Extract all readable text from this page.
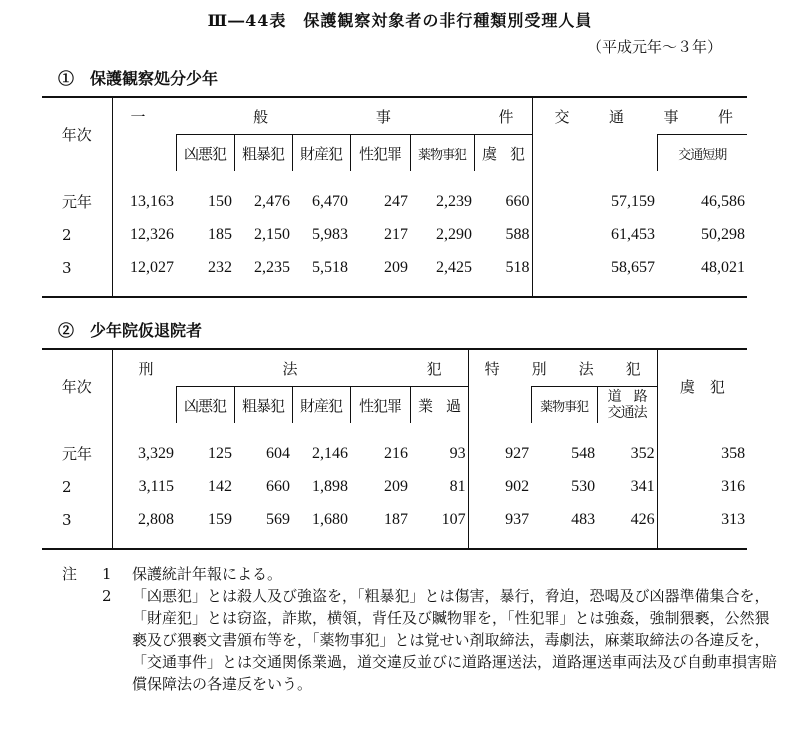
Ⅲ―44表　保護観察対象者の非行種類別受理人員
（平成元年～３年）
①　保護観察処分少年
年次	一 般 事 件							交 通 事 件	

		凶悪犯	粗暴犯	財産犯	性犯罪	薬物事犯	虞　犯		交通短期
元年	13,163	150	2,476	6,470	247	2,239	660	57,159	46,586
2	12,326	185	2,150	5,983	217	2,290	588	61,453	50,298
3	12,027	232	2,235	5,518	209	2,425	518	58,657	48,021
②　少年院仮退院者
年次	刑 法 犯						特 別 法 犯			虞　犯
		凶悪犯	粗暴犯	財産犯	性犯罪	業　過		薬物事犯	道　路
交通法	

元年	3,329	125	604	2,146	216	93	927	548	352	358
2	3,115	142	660	1,898	209	81	902	530	341	316
3	2,808	159	569	1,680	187	107	937	483	426	313
注	1	保護統計年報による。
2	「凶悪犯」とは殺人及び強盗を，「粗暴犯」とは傷害，暴行，脅迫，恐喝及び凶器準備集合を，「財産犯」とは窃盗，詐欺，横領，背任及び贓物罪を，「性犯罪」とは強姦，強制猥褻，公然猥褻及び猥褻文書頒布等を，「薬物事犯」とは覚せい剤取締法，毒劇法，麻薬取締法の各違反を，「交通事件」とは交通関係業過，道交違反並びに道路運送法，道路運送車両法及び自動車損害賠償保障法の各違反をいう。
